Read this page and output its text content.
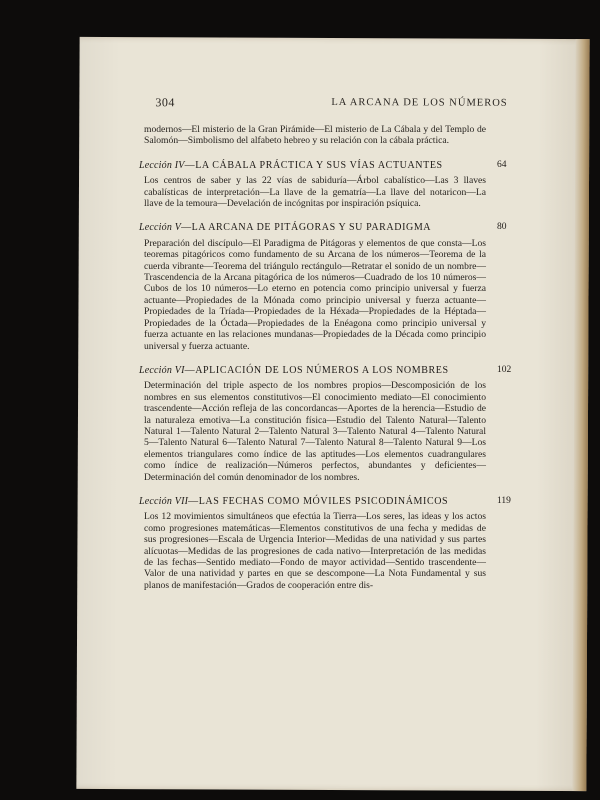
304	LA ARCANA DE LOS NÚMEROS

modernos—El misterio de la Gran Pirámide—El misterio de La Cábala y del Templo de Salomón—Simbolismo del alfabeto hebreo y su relación con la cábala práctica.

Lección IV—LA CÁBALA PRÁCTICA Y SUS VÍAS ACTUANTES	64

Los centros de saber y las 22 vías de sabiduría—Árbol cabalístico—Las 3 llaves cabalísticas de interpretación—La llave de la gematría—La llave del notaricon—La llave de la temoura—Develación de incógnitas por inspiración psíquica.

Lección V—LA ARCANA DE PITÁGORAS Y SU PARADIGMA	80

Preparación del discípulo—El Paradigma de Pitágoras y elementos de que consta—Los teoremas pitagóricos como fundamento de su Arcana de los números—Teorema de la cuerda vibrante—Teorema del triángulo rectángulo—Retratar el sonido de un nombre—Trascendencia de la Arcana pitagórica de los números—Cuadrado de los 10 números—Cubos de los 10 números—Lo eterno en potencia como principio universal y fuerza actuante—Propiedades de la Mónada como principio universal y fuerza actuante—Propiedades de la Tríada—Propiedades de la Héxada—Propiedades de la Héptada—Propiedades de la Óctada—Propiedades de la Enéagona como principio universal y fuerza actuante en las relaciones mundanas—Propiedades de la Década como principio universal y fuerza actuante.

Lección VI—APLICACIÓN DE LOS NÚMEROS A LOS NOMBRES	102

Determinación del triple aspecto de los nombres propios—Descomposición de los nombres en sus elementos constitutivos—El conocimiento mediato—El conocimiento trascendente—Acción refleja de las concordancas—Aportes de la herencia—Estudio de la naturaleza emotiva—La constitución física—Estudio del Talento Natural—Talento Natural 1—Talento Natural 2—Talento Natural 3—Talento Natural 4—Talento Natural 5—Talento Natural 6—Talento Natural 7—Talento Natural 8—Talento Natural 9—Los elementos triangulares como índice de las aptitudes—Los elementos cuadrangulares como índice de realización—Números perfectos, abundantes y deficientes—Determinación del común denominador de los nombres.

Lección VII—LAS FECHAS COMO MÓVILES PSICODINÁMICOS	119

Los 12 movimientos simultáneos que efectúa la Tierra—Los seres, las ideas y los actos como progresiones matemáticas—Elementos constitutivos de una fecha y medidas de sus progresiones—Escala de Urgencia Interior—Medidas de una natividad y sus partes alícuotas—Medidas de las progresiones de cada nativo—Interpretación de las medidas de las fechas—Sentido mediato—Fondo de mayor actividad—Sentido trascendente—Valor de una natividad y partes en que se descompone—La Nota Fundamental y sus planos de manifestación—Grados de cooperación entre dis-
